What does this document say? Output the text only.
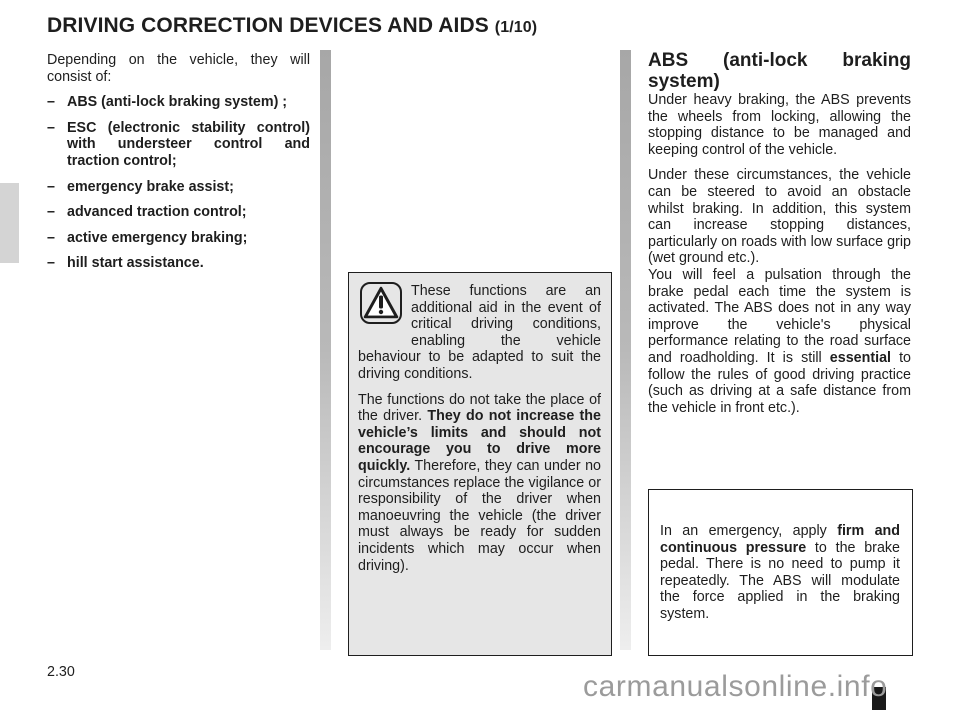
DRIVING CORRECTION DEVICES AND AIDS (1/10)

Depending on the vehicle, they will consist of:

– ABS (anti-lock braking system) ;
– ESC (electronic stability control) with understeer control and traction control;
– emergency brake assist;
– advanced traction control;
– active emergency braking;
– hill start assistance.

These functions are an additional aid in the event of critical driving conditions, enabling the vehicle behaviour to be adapted to suit the driving conditions.

The functions do not take the place of the driver. They do not increase the vehicle’s limits and should not encourage you to drive more quickly. Therefore, they can under no circumstances replace the vigilance or responsibility of the driver when manoeuvring the vehicle (the driver must always be ready for sudden incidents which may occur when driving).

ABS (anti-lock braking system)

Under heavy braking, the ABS prevents the wheels from locking, allowing the stopping distance to be managed and keeping control of the vehicle.

Under these circumstances, the vehicle can be steered to avoid an obstacle whilst braking. In addition, this system can increase stopping distances, particularly on roads with low surface grip (wet ground etc.).

You will feel a pulsation through the brake pedal each time the system is activated. The ABS does not in any way improve the vehicle's physical performance relating to the road surface and roadholding. It is still essential to follow the rules of good driving practice (such as driving at a safe distance from the vehicle in front etc.).

In an emergency, apply firm and continuous pressure to the brake pedal. There is no need to pump it repeatedly. The ABS will modulate the force applied in the braking system.
2.30	carmanualsonline.info
